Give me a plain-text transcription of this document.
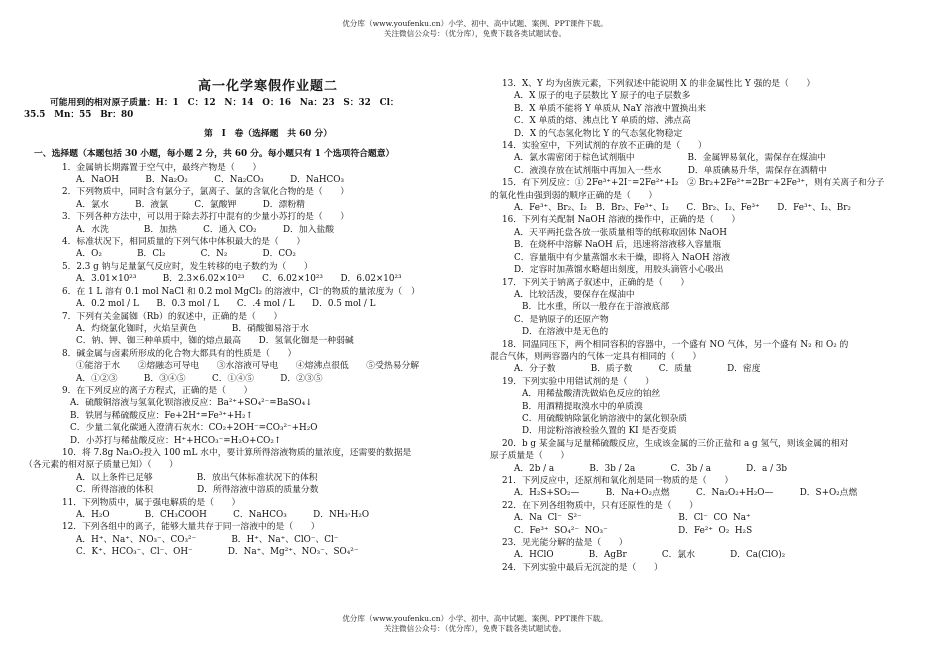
优分库（www.youfenku.cn）小学、初中、高中试题、案例、PPT课件下载。
关注微信公众号：（优分库），免费下载各类试题试卷。
高一化学寒假作业题二
可能用到的相对原子质量：H：1　C：12　N：14　O：16　Na：23　S：32　Cl：
35.5　Mn：55　Br：80
第　Ⅰ　卷（选择题　共 60 分）
一、选择题（本题包括 30 小题，每小题 2 分，共 60 分。每小题只有 1 个选项符合题意）
1．金属钠长期露置于空气中，最终产物是（　　）
A．NaOH　　　B．Na₂O₂　　　C．Na₂CO₃　　　D．NaHCO₃
2．下列物质中，同时含有氯分子，氯离子、氯的含氧化合物的是（　　）
A．氯水　　　B．液氯　　　C．氯酸钾　　　D．漂粉精
3．下列各种方法中，可以用于除去苏打中混有的少量小苏打的是（　　）
A．水洗　　　　B．加热　　　C．通入 CO₂　　　D．加入盐酸
4．标准状况下，相同质量的下列气体中体积最大的是（　　）
A．O₂　　　　B．Cl₂　　　　C．N₂　　　　D．CO₂
5．2.3 g 钠与足量氯气反应时，发生转移的电子数约为（　　）
A．3.01×10²³　　　B．2.3×6.02×10²³　　C．6.02×10²³　　D．6.02×10²³
6．在 1 L 溶有 0.1 mol NaCl 和 0.2 mol MgCl₂ 的溶液中，Cl⁻的物质的量浓度为（　）
A．0.2 mol / L　　B．0.3 mol / L　　C．.4 mol / L　　D．0.5 mol / L
7．下列有关金属铷（Rb）的叙述中，正确的是（　　）
A．灼烧氯化铷时，火焰呈黄色　　　　B．硝酸铷易溶于水
C．钠、钾、铷三种单质中，铷的熔点最高　　D．氢氧化铷是一种弱碱
8．碱金属与卤素所形成的化合物大都具有的性质是（　　）
①能溶于水　　②熔融态可导电　　③水溶液可导电　　④熔沸点很低　　⑤受热易分解
A．①②③　　　B．③④⑤　　　C．①④⑤　　　D．②③⑤
9．在下列反应的离子方程式，正确的是（　　）
A．硫酸铜溶液与氢氧化钡溶液反应：Ba²⁺+SO₄²⁻=BaSO₄↓
B．铁屑与稀硫酸反应：Fe+2H⁺=Fe³⁺+H₂↑
C．少量二氧化碳通入澄清石灰水：CO₂+2OH⁻=CO₃²⁻+H₂O
D．小苏打与稀盐酸反应：H⁺+HCO₃⁻=H₂O+CO₂↑
10．将 7.8g Na₂O₂投入 100 mL 水中，要计算所得溶液物质的量浓度，还需要的数据是
（各元素的相对原子质量已知）（　　）
A．以上条件已足够　　　　　B．放出气体标准状况下的体积
C．所得溶液的体积　　　　　D．所得溶液中溶质的质量分数
11．下列物质中，属于强电解质的是（　　）
A．H₂O　　　　B．CH₃COOH　　　C．NaHCO₃　　　D．NH₃·H₂O
12．下列各组中的离子，能够大量共存于同一溶液中的是（　　）
A．H⁺、Na⁺、NO₃⁻、CO₃²⁻　　　　B．H⁺、Na⁺、ClO⁻、Cl⁻
C．K⁺、HCO₃⁻、Cl⁻、OH⁻　　　　D．Na⁺、Mg²⁺、NO₃⁻、SO₄²⁻
13．X、Y 均为卤族元素，下列叙述中能说明 X 的非金属性比 Y 强的是（　　）
A．X 原子的电子层数比 Y 原子的电子层数多
B．X 单质不能将 Y 单质从 NaY 溶液中置换出来
C．X 单质的熔、沸点比 Y 单质的熔、沸点高
D．X 的气态氢化物比 Y 的气态氢化物稳定
14．实验室中，下列试剂的存放不正确的是（　　）
A．氯水需密闭于棕色试剂瓶中　　　　　　B．金属钾易氧化，需保存在煤油中
C．液溴存放在试剂瓶中再加入一些水　　　D．单质碘易升华，需保存在酒精中
15．有下列反应：① 2Fe³⁺+2I⁻=2Fe²⁺+I₂　② Br₂+2Fe²⁺=2Br⁻+2Fe³⁺，则有关离子和分子
的氧化性由强到弱的顺序正确的是（　　）
A．Fe³⁺、Br₂、I₂　B．Br₂、Fe³⁺、I₂　　C．Br₂、I₂、Fe³⁺　　D．Fe³⁺、I₂、Br₂
16．下列有关配制 NaOH 溶液的操作中，正确的是（　　）
A．天平两托盘各放一张质量相等的纸称取固体 NaOH
B．在烧杯中溶解 NaOH 后，迅速将溶液移入容量瓶
C．容量瓶中有少量蒸馏水未干燥，即将入 NaOH 溶液
D．定容时加蒸馏水略超出刻度，用胶头滴管小心吸出
17．下列关于钠离子叙述中，正确的是（　　）
A．比较活泼，要保存在煤油中
B．比水重，所以一般存在于溶液底部
C．是钠原子的还原产物
D．在溶液中是无色的
18．同温同压下，两个相同容积的容器中，一个盛有 NO 气体，另一个盛有 N₂ 和 O₂ 的
混合气体，则两容器内的气体一定具有相同的（　　）
A．分子数　　　　B．质子数　　　C．质量　　　　D．密度
19．下列实验中用错试剂的是（　　）
A．用稀盐酸清洗做焰色反应的铂丝
B．用酒精提取溴水中的单质溴
C．用硫酸钠除氯化钠溶液中的氯化钡杂质
D．用淀粉溶液检验久置的 KI 是否变质
20．b g 某金属与足量稀硫酸反应，生成该金属的三价正盐和 a g 氢气，则该金属的相对
原子质量是（　　）
A．2b / a　　　　B．3b / 2a　　　　C．3b / a　　　　D．a / 3b
21．下列反应中，还原剂和氧化剂是同一物质的是（　　）
A．H₂S+SO₂—　　　B．Na+O₂点燃　　　C．Na₂O₂+H₂O—　　　D．S+O₂点燃
22．在下列各组物质中，只有还原性的是（　　）
A．Na  Cl⁻  S²⁻　　　　　　　　　　　B．Cl⁻  CO  Na⁺
C．Fe³⁺  SO₄²⁻  NO₃⁻　　　　　　　　D．Fe²⁺  O₂  H₂S
23．见光能分解的盐是（　　）
A．HClO　　　　B．AgBr　　　　C．氯水　　　　D．Ca(ClO)₂
24．下列实验中最后无沉淀的是（　　）
优分库（www.youfenku.cn）小学、初中、高中试题、案例、PPT课件下载。
关注微信公众号：（优分库），免费下载各类试题试卷。
